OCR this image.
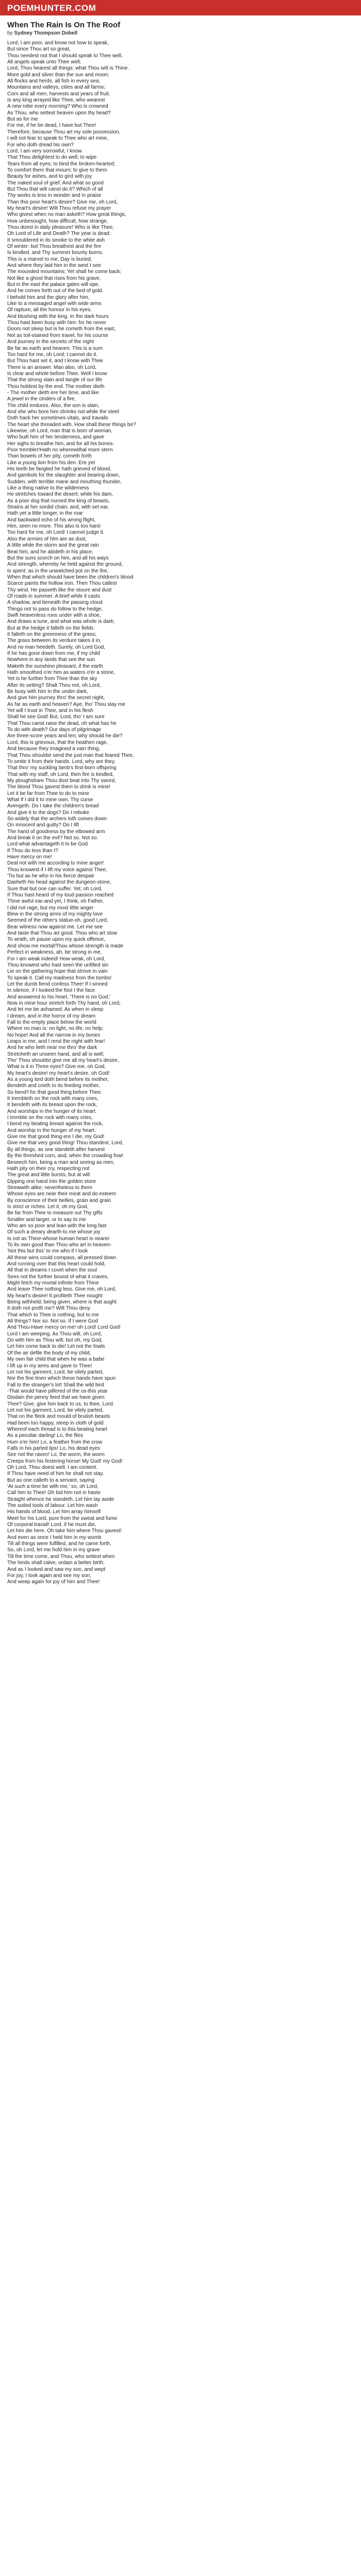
POEMHUNTER.COM
When The Rain Is On The Roof

by Sydney Thompson Dobell

Lord, I am poor, and know not how to speak,
But since Thou art so great,
Thou needest not that I should speak to Thee well.
All angels speak unto Thee well;
Lord, Thou hearest all things: what Thou wilt is Thine.
More gold and silver than the sun and moon;
All flocks and herds, all fish in every sea;
Mountains and valleys, cities and all farms;
Corn and all men, harvests and years of fruit.
Is any king arrayed like Thee, who wearest
A new robe every morning? Who is crowned
As Thou, who settest heaven upon thy head?
But as for me
For me, if he be dead, I have but Thee!
Therefore, because Thou art my sole possession,
I will not fear to speak to Thee who art mine,
For who doth dread his own?
Lord, I am very sorrowful, I know
That Thou delightest to do well; to wipe
Tears from all eyes; to bind the broken-hearted;
To comfort them that mourn; to give to them
Beauty for ashes, and to gird with joy
The naked soul of grief. And what so good
But Thou that wilt canst do it? Which of all
Thy works is less in wonder and in praise
Than this poor heart's desire? Give me, oh Lord,
My heart's desire! Wilt Thou refuse my prayer
Who givest when no man asketh? How great things,
How unbesought, how difficult, how strange,
Thou doest in daily pleasure! Who is like Thee,
Oh Lord of Life and Death? The year is dead;
It smouldered in its smoke to the white ash
Of winter: but Thou breathest and the fire
Is kindled, and Thy summer bounty burns.
This is a marvel to me. Day is buried,
And where they laid him in the west I see
The mounded mountains; Yet shall he come back;
Not like a ghost that rises from his grave,
But in the east the palace gates will ope,
And he comes forth out of the bed of gold.
I behold him and the glory after him,
Like to a messaged angel with wide arms
Of rapture, all the honour in his eyes.
And blushing with the king. In the dark hours
Thou hast been busy with him: for he never
Doors not sleep but is he cometh from the east,
Not as toil-stained from travel, for his course
And journey in the secrets of the night
Be far as earth and heaven. This is a sum
Too hard for me, oh Lord; I cannot do it.
But Thou hast set it, and I know with Thee
There is an answer. Man also, oh Lord,
Is clear and whole before Thee. Well I know
That the strong slain and tangle of our life
Thou holdest by the end. The mother dieth
- The mother dieth ere her time, and like
A jewel in the cinders of a fire,
The child endures. Also, the son is slain,
And she who bore him shrinks not while the steel
Doth hack her sometimes vitals, and travails
The heart she threaded with. How shall these things be?
Likewise, oh Lord, man that is born of woman,
Who built him of her tenderness, and gave
Her sighs to breathe him, and for all his bones-
Poor trembler!Hath no wherewithal more stern
Than bowels of her pity, cometh forth
Like a young lion from his den. Ere yet
His teeth be fangled he hath grieved of blood,
And gambols for the slaughter and bearing down,
Sudden, with terrible mane and mouthing thunder,
Like a thing native to the wilderness
He stretches toward the desert; while his dam,
As a poor dog that nursed the king of beasts,
Strains at her sordid chain, and, with set ear,
Hath yet a little longer, in the roar
And backward echo of his wrong flight,
Him, seen no more. This also is too hard-
Too hard for me, oh Lord! I cannot judge it.
Also the armies of him are as dust;
A little while the storm and the great rain
Beat him, and he abideth in his place,
But the suns scorch on him, and all his ways
And strength, whereby he held against the ground,
Is spent: as in the unwatched pot on the fire,
When that which should have been the children's blood
Scarce paints the hollow iron. Then Thou callest
Thy wind. He passeth like the stoure and dust
Of roads in summer. A brief while it casts
A shadow, and beneath the passing cloud
Things not to pass do follow to the hedge,
Swift heavenless runs under with a shoe,
And draws a tune, and what was whole is dark;
But at the hedge it falleth on the fields
It falleth on the greenness of the grass;
The grass between its verdure takes it in,
And no man heedeth. Surely, oh Lord God,
If he has gone down from me, if my child
Nowhere in any lands that see the sun
Maketh the sunshine pleasant, if the earth
Hath smoothed o'er him as waters o'er a stone,
Yet is he further from Thee than the sky
After its setting? Shalt Thou not, oh Lord,
Be busy with him in the under-dark,
And give him journey thro' the secret night,
As far as earth and heaven? Aye, tho' Thou slay me
Yet will I trust in Thee, and in his flesh
Shall he see God! But, Lord, tho' I am sure
That Thou canst raise the dead, oh what has he
To do with death? Our days of pilgrimage
Are three-score years and ten; why should he die?
Lord, this is grievous, that the heathen rage,
And because they imagined a vain thing,
That Thou shouldst send the just man that feared Thee,
To smite it from their hands. Lord, why are they,
That thro' my suckling lamb's first-born offspring
That with my staff, oh Lord, then fire is kindled,
My ploughshare Thou dost beat into Thy sword,
The blood Thou gavest them to drink is mine!
Let it be far from Thee to do to mine
What if I did it to mine own, Thy curse
Avengeth. Do I take the children's bread
And give it to the dogs? Do I rebuke
So widely that the archers loth comes down
On innocent and guilty? Do I lift
The hand of goodness by the elbowed arm
And break it on the evil? Not so. Not so.
Lord what advantageth it to be God
If Thou do less than I?
Have mercy on me!
Deal not with me according to mine anger!
Thou knowest if I lift my voice against Thee,
'Tis but as he who in his fierce despair
Dasheth his head against the dungeon-stone,
Sure that but one can suffer. Yet, oh Lord,
If Thou hast heard of my loud passion reached
Thine awful ear-and yet, I think, oh Father,
I did not rage, but my most little anger
Blew in the strong arms of my mighty love
Seemed of the other's statue-oh, good Lord,
Bear witness now against me. Let me see
And taste that Thou art good. Thou who art slow
To wrath, oh pause upon my quick offence,
And show me mortal!Thou whose strength is made
Perfect in weakness, ah, be strong in me,
For I am weak indeed! How weak, oh Lord,
Thou knowest who hast seen the unfilled sin
Lie on the gathering hope that strove in vain
To speak it. Call my madness from the tombs!
Let the dumb fiend confess Thee! If I sinned
In silence, if I looked the fool I the face
And answered to his heart, 'There is no God,'
Now in mine hour stretch forth Thy hand, oh Lord,
And let me be ashamed. As when in sleep
I dream, and in the horror of my dream
Fall to the empty place below the world
Where no man is: no light, no life, no help;
No hope! And all the narrow in my bones
Leaps in me, and I rend the night with fear!
And he who lieth near me thro' the dark
Stretcheth an unseen hand, and all is well;
Tho' Thou shouldst give me all my heart's desire,
What is it in Three eyes? Give me, oh God,
My heart's desire! my heart's desire, oh God!
As a young lord doth bend before its mother,
Bendeth and crieth to its feeding mother,
So bend'l for that good thing before Thee.
It trembleth on the rock with many cries,
It bendeth with its breast upon the rock,
And worships in the hunger of its heart.
I tremble on the rock with many cries,
I bend my beating breast against the rock,
And worship in the hunger of my heart.
Give me that good thing ere I die, my God!
Give me that very good thing! Thou standest, Lord,
By all things, as one standeth after harvest
By the threshed corn, and, when the crowding fowl
Beseech him, being a man and seeing as men,
Hath pity on their cry, respecting not
The great and little bursts, but at will
Dipping one hand into the golden store
Strewwith alike; nevertheless to them
Whose eyes are near their meat and do esteem
By conscience of their bellies, grain and grain
Is strict or riches. Let it, oh my God,
Be far from Thee to measure out Thy gifts
Smaller and larger, or to say to me
Who am so poor and lean with the long fast
Of such a dreary dearth-to me whose joy
Is not as Thine-whose human heart is nearer
To its own good than Thou who art in heaven-
'Not this but this' to me who if I look
All these wins could compass, all pressed down
And running over that this heart could hold,
All that in dreams I covet when the soul
Sees not the further bound of what it craves,
Might fetch my mortal infinite from Thine
And leave Thee nothing less. Give me, oh Lord,
My heart's desire! It profiteth Thee nought
Being withheld; being given, where is that aught
It doth not profit me? Wilt Thou deny
That which to Thee is nothing, but to me
All things? Nor so. Not so. If I were God
And Thou-Have mercy on me! oh Lord! Lord God!
Lord I am weeping. As Thou wilt, oh Lord,
Do with him as Thou wilt; but oh, my God,
Let him come back to die! Let not the fowls
Of the air defile the body of my child,
My own fair child that when he was a babe
I lift up in my arms and gave to Thee!
Let not his garment, Lord, be vilely parted,
Nor the fine linen which these hands have spun
Fall to the stranger's lot! Shall the wild bird
-That would have pilfered of the ox-this year
Disdain the penny feed that we have given
Thee? Give, give him back to us, to thee, Lord.
Let not his garment, Lord, be vilely parted,
That on the fleck and mould of brutish beasts
Had been too happy, steep in cloth of gold
Whereof each thread is to this beating heart
As a peculiar darling! Lo, the flies
Hum o'er him! Lo, a feather from the crow
Falls in his parted lips! Lo, his dead eyes
See not the raven! Lo, the worm, the worm
Creeps from his festering horse! My God! my God!
Oh Lord, Thou doest well. I am content.
If Thou have need of him he shall not stay.
But as one calleth to a servant, saying
'At such a time be with me,' so, oh Lord,
Call him to Thee! Oh bid him not in haste
Straight whence he standeth. Let him lay aside
The soiled tools of labour. Let him wash
His hands of blood. Let him array himself
Meet for his Lord, pure from the sweat and fume
Of corporal travail! Lord, if he must die,
Let him die here. Oh take him where Thou gavest!
And even as once I held him in my womb
Till all things were fulfilled, and he came forth,
So, oh Lord, let me hold him in my grave
Till the time come, and Thou, who settest when
The hinds shall calve, ordain a better birth;
And as I looked and saw my son, and wept
For joy, I look again and see my son,
And weep again for joy of him and Thee!
